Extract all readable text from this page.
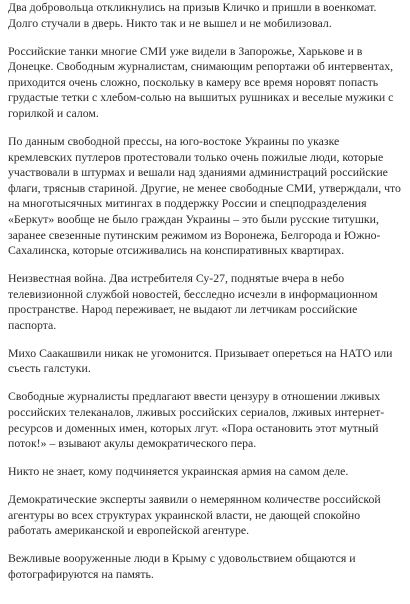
Два добровольца откликнулись на призыв Кличко и пришли в военкомат. Долго стучали в дверь. Никто так и не вышел и не мобилизовал.

Российские танки многие СМИ уже видели в Запорожье, Харькове и в Донецке. Свободным журналистам, снимающим репортажи об интервентах, приходится очень сложно, поскольку в камеру все время норовят попасть грудастые тетки с хлебом-солью на вышитых рушниках и веселые мужики с горилкой и салом.

По данным свободной прессы, на юго-востоке Украины по указке кремлевских путлеров протестовали только очень пожилые люди, которые участвовали в штурмах и вешали над зданиями администраций российские флаги, трясныв стариной. Другие, не менее свободные СМИ, утверждали, что на многотысячных митингах в поддержку России и спецподразделения «Беркут» вообще не было граждан Украины – это были русские титушки, заранее свезенные путинским режимом из Воронежа, Белгорода и Южно-Сахалинска, которые отсиживались на конспиративных квартирах.

Неизвестная война. Два истребителя Су-27, поднятые вчера в небо телевизионной службой новостей, бесследно исчезли в информационном пространстве. Народ переживает, не выдают ли летчикам российские паспорта.

Михо Саакашвили никак не угомонится. Призывает опереться на НАТО или съесть галстуки.

Свободные журналисты предлагают ввести цензуру в отношении лживых российских телеканалов, лживых российских сериалов, лживых интернет-ресурсов и доменных имен, которых лгут. «Пора остановить этот мутный поток!» – взывают акулы демократического пера.

Никто не знает, кому подчиняется украинская армия на самом деле.

Демократические эксперты заявили о немерянном количестве российской агентуры во всех структурах украинской власти, не дающей спокойно работать американской и европейской агентуре.

Вежливые вооруженные люди в Крыму с удовольствием общаются и фотографируются на память.
